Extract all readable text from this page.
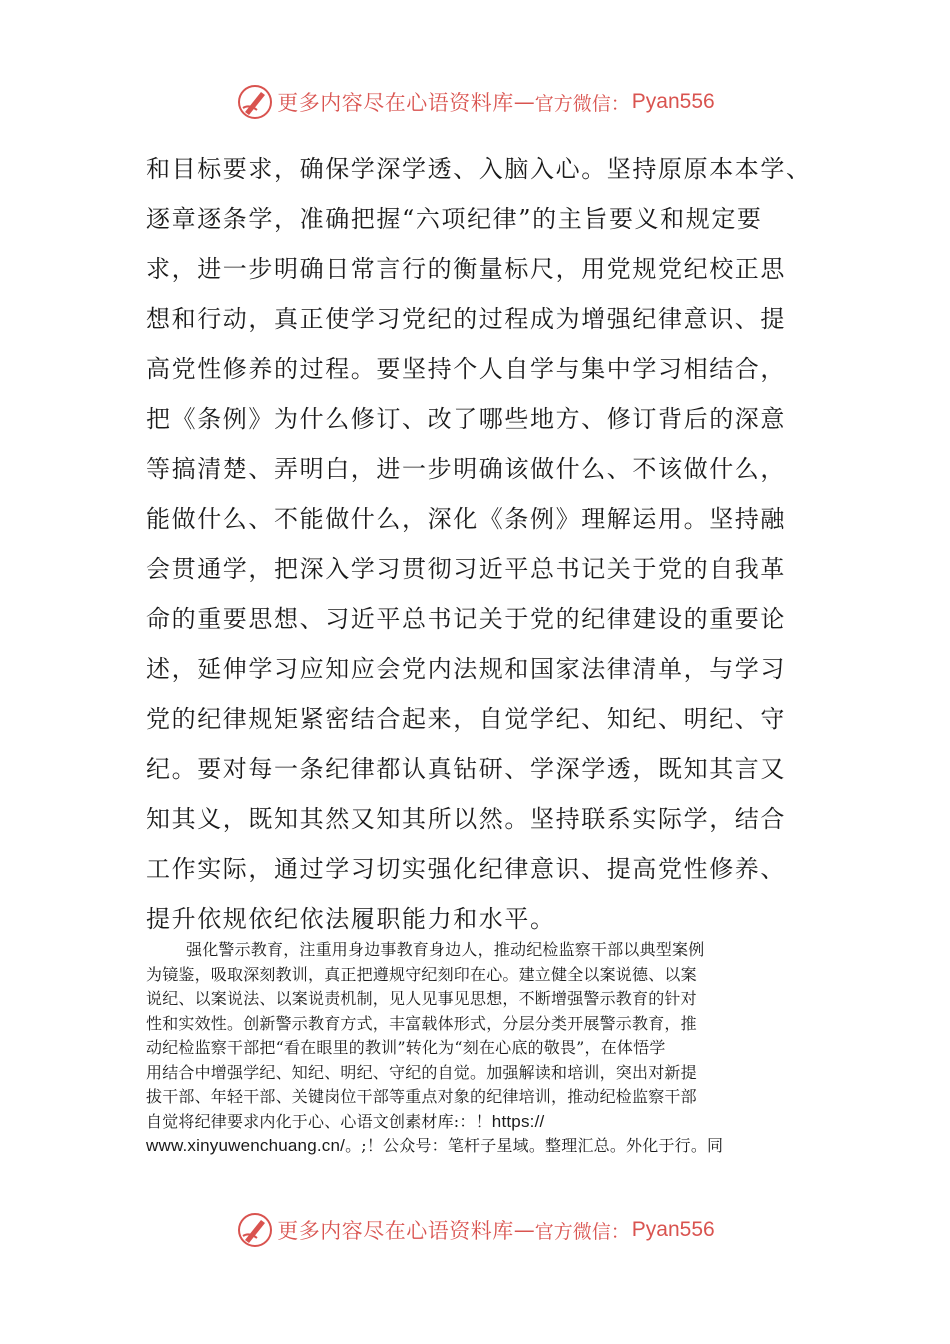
更多内容尽在心语资料库 — 官方微信： Pyan556

和目标要求，确保学深学透、入脑入心。坚持原原本本学、

逐章逐条学，准确把握“六项纪律”的主旨要义和规定要

求，进一步明确日常言行的衡量标尺，用党规党纪校正思

想和行动，真正使学习党纪的过程成为增强纪律意识、提

高党性修养的过程。要坚持个人自学与集中学习相结合，

把《条例》为什么修订、改了哪些地方、修订背后的深意

等搞清楚、弄明白，进一步明确该做什么、不该做什么，

能做什么、不能做什么，深化《条例》理解运用。坚持融

会贯通学，把深入学习贯彻习近平总书记关于党的自我革

命的重要思想、习近平总书记关于党的纪律建设的重要论

述，延伸学习应知应会党内法规和国家法律清单，与学习

党的纪律规矩紧密结合起来，自觉学纪、知纪、明纪、守

纪。要对每一条纪律都认真钻研、学深学透，既知其言又

知其义，既知其然又知其所以然。坚持联系实际学，结合

工作实际，通过学习切实强化纪律意识、提高党性修养、

提升依规依纪依法履职能力和水平。

强化警示教育，注重用身边事教育身边人，推动纪检监察干部以典型案例

为镜鉴，吸取深刻教训，真正把遵规守纪刻印在心。建立健全以案说德、以案

说纪、以案说法、以案说责机制，见人见事见思想，不断增强警示教育的针对

性和实效性。创新警示教育方式，丰富载体形式，分层分类开展警示教育，推

动纪检监察干部把“看在眼里的教训”转化为“刻在心底的敬畏”，在体悟学

用结合中增强学纪、知纪、明纪、守纪的自觉。加强解读和培训，突出对新提

拔干部、年轻干部、关键岗位干部等重点对象的纪律培训，推动纪检监察干部

自觉将纪律要求内化于心、心语文创素材库:：！https://

www.xinyuwenchuang.cn/。;！公众号：笔杆子星域。整理汇总。外化于行。同

更多内容尽在心语资料库 — 官方微信： Pyan556
